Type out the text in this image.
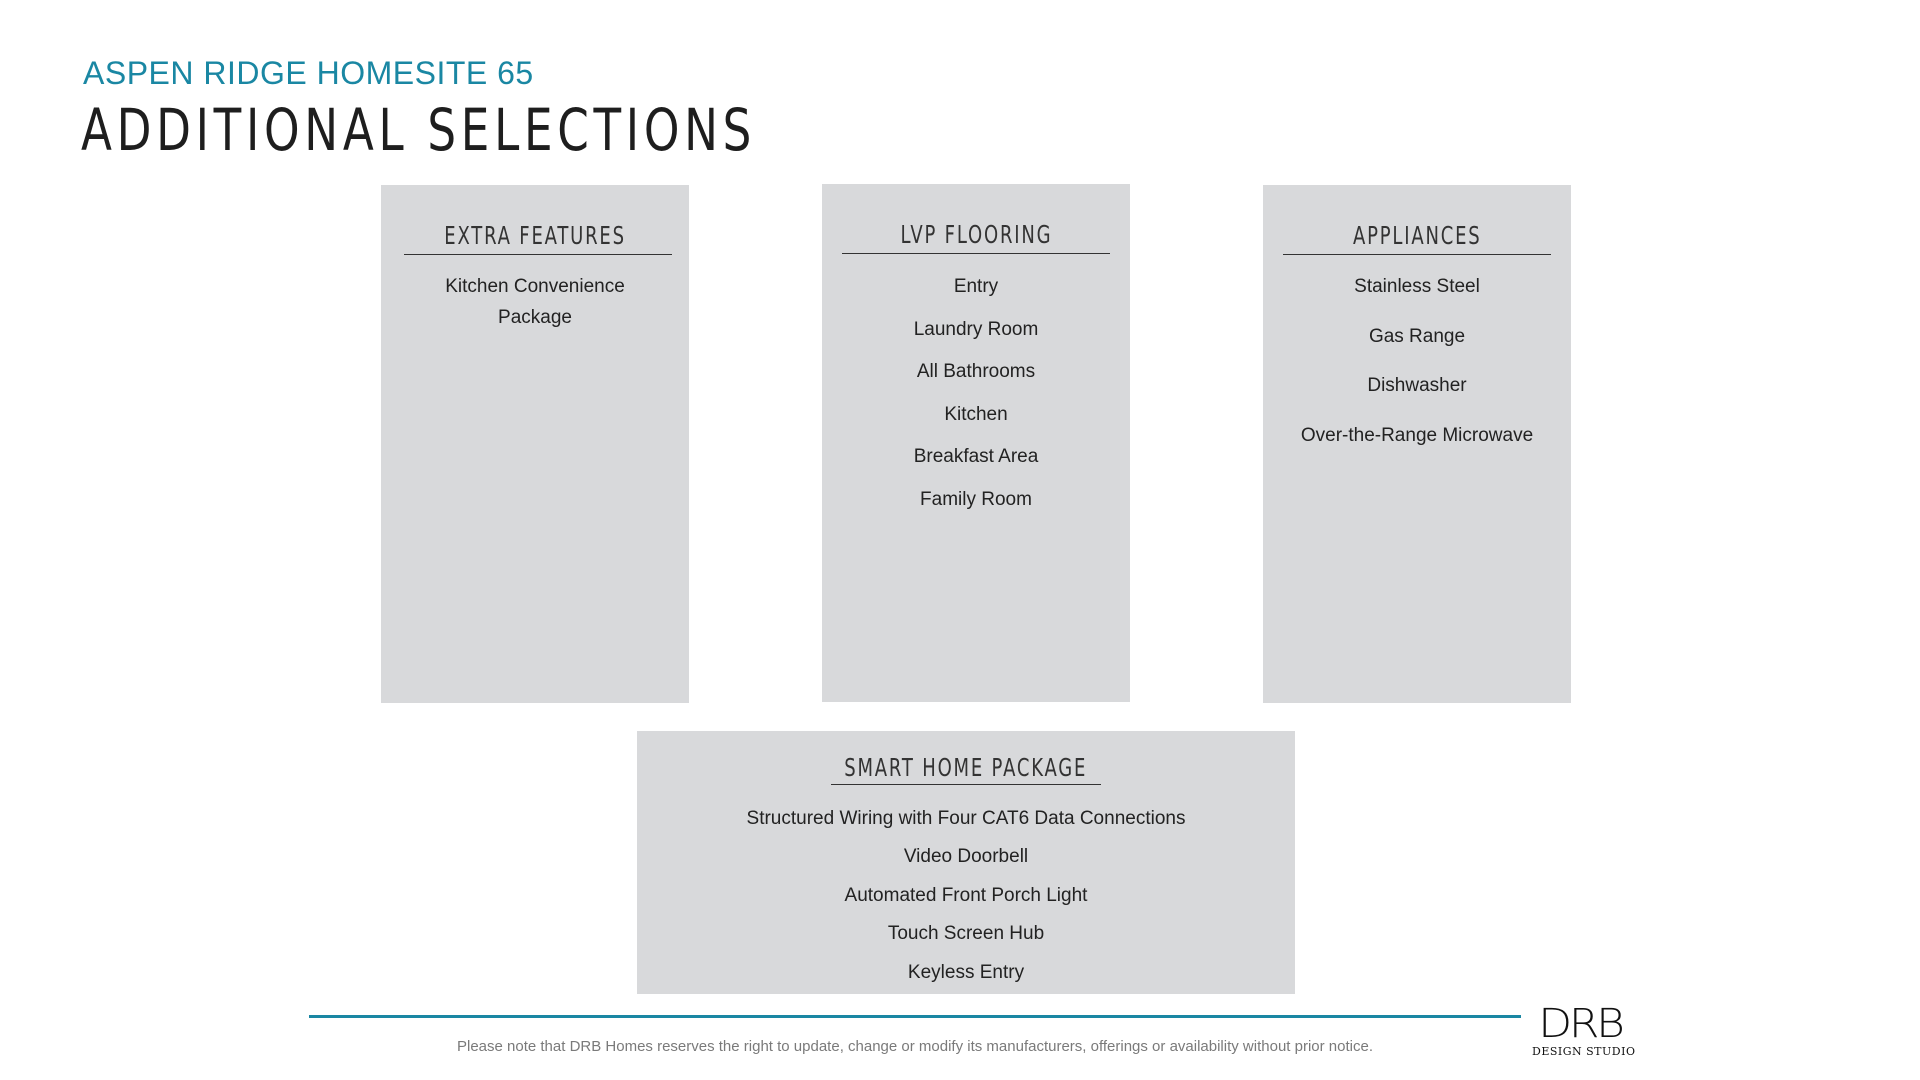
ASPEN RIDGE HOMESITE 65
ADDITIONAL SELECTIONS
EXTRA FEATURES
Kitchen Convenience
Package
LVP FLOORING
Entry
Laundry Room
All Bathrooms
Kitchen
Breakfast Area
Family Room
APPLIANCES
Stainless Steel
Gas Range
Dishwasher
Over-the-Range Microwave
SMART HOME PACKAGE
Structured Wiring with Four CAT6 Data Connections
Video Doorbell
Automated Front Porch Light
Touch Screen Hub
Keyless Entry
Please note that DRB Homes reserves the right to update, change or modify its manufacturers, offerings or availability without prior notice.	DRB
DESIGN STUDIO
